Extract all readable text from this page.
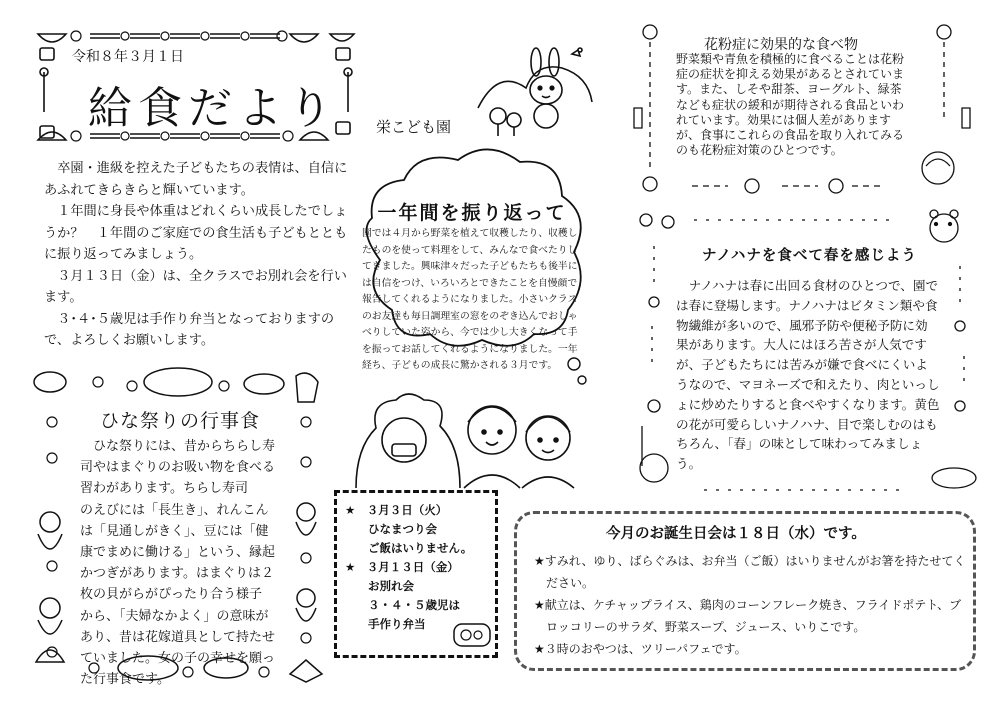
令和８年３月１日
給食だより	栄こども園

卒園・進級を控えた子どもたちの表情は、自信にあふれてきらきらと輝いています。

１年間に身長や体重はどれくらい成長したでしょうか？　１年間のご家庭での食生活も子どもとともに振り返ってみましょう。

３月１３日（金）は、全クラスでお別れ会を行います。

３･４･５歳児は手作り弁当となっておりますので、よろしくお願いします。

一年間を振り返って
園では４月から野菜を植えて収穫したり、収穫したものを使って料理をして、みんなで食べたりしてきました。興味津々だった子どもたちも後半には自信をつけ、いろいろとできたことを自慢顔で報告してくれるようになりました。小さいクラスのお友達も毎日調理室の窓をのぞき込んでおしゃべりしていた姿から、今では少し大きくなって手を振ってお話してくれるようになりました。一年経ち、子どもの成長に驚かされる３月です。
ひな祭りの行事食
　ひな祭りには、昔からちらし寿
司やはまぐりのお吸い物を食べる
習わがあります。ちらし寿司
のえびには「長生き」、れんこん
は「見通しがきく」、豆には「健
康でまめに働ける」という、縁起
かつぎがあります。はまぐりは２
枚の貝がらがぴったり合う様子
から、「夫婦なかよく」の意味が
あり、昔は花嫁道具として持たせ
ていました。女の子の幸せを願っ
た行事食です。
★　３月３日（火）
　　ひなまつり会
　　ご飯はいりません。
★　３月１３日（金）
　　お別れ会
　　３・４・５歳児は
　　手作り弁当
花粉症に効果的な食べ物
野菜類や青魚を積極的に食べることは花粉症の症状を抑える効果があるとされています。また、しそや甜茶、ヨーグルト、緑茶なども症状の緩和が期待される食品といわれています。効果には個人差がありますが、食事にこれらの食品を取り入れてみるのも花粉症対策のひとつです。
ナノハナを食べて春を感じよう
ナノハナは春に出回る食材のひとつで、園では春に登場します。ナノハナはビタミン類や食物繊維が多いので、風邪予防や便秘予防に効果があります。大人にはほろ苦さが人気ですが、子どもたちには苦みが嫌で食べにくいようなので、マヨネーズで和えたり、肉といっしょに炒めたりすると食べやすくなります。黄色の花が可愛らしいナノハナ、目で楽しむのはもちろん、「春」の味として味わってみましょう。
今月のお誕生日会は１８日（水）です。
★すみれ、ゆり、ばらぐみは、お弁当（ご飯）はいりませんがお箸を持たせてください。
★献立は、ケチャップライス、鶏肉のコーンフレーク焼き、フライドポテト、ブロッコリーのサラダ、野菜スープ、ジュース、いりこです。
★３時のおやつは、ツリーパフェです。
